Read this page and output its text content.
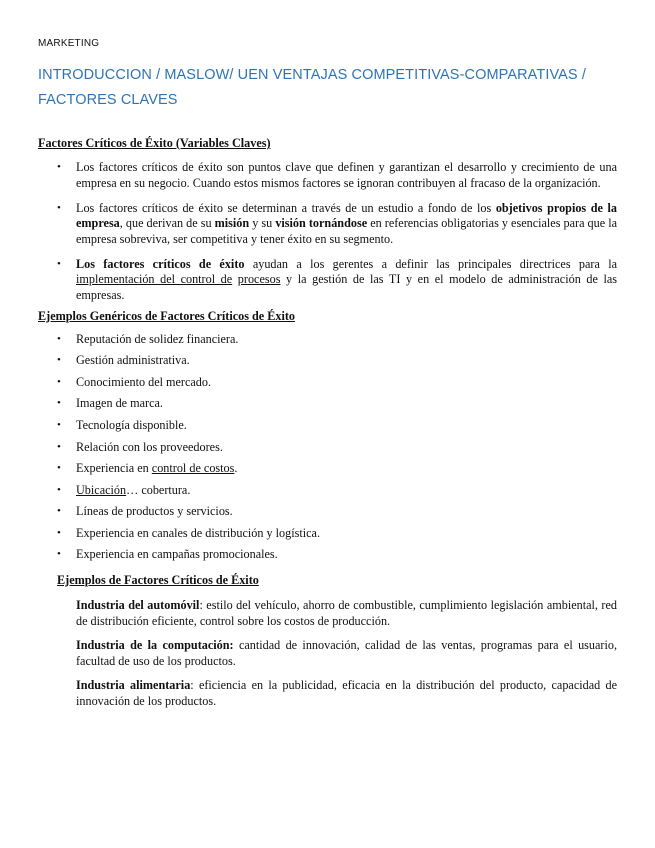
MARKETING
INTRODUCCION / MASLOW/ UEN VENTAJAS COMPETITIVAS-COMPARATIVAS / FACTORES CLAVES
Factores Críticos de Éxito (Variables Claves)
• Los factores críticos de éxito son puntos clave que definen y garantizan el desarrollo y crecimiento de una empresa en su negocio. Cuando estos mismos factores se ignoran contribuyen al fracaso de la organización.
• Los factores críticos de éxito se determinan a través de un estudio a fondo de los objetivos propios de la empresa, que derivan de su misión y su visión tornándose en referencias obligatorias y esenciales para que la empresa sobreviva, ser competitiva y tener éxito en su segmento.
• Los factores críticos de éxito ayudan a los gerentes a definir las principales directrices para la implementación del control de procesos y la gestión de las TI y en el modelo de administración de las empresas.
Ejemplos Genéricos de Factores Críticos de Éxito
• Reputación de solidez financiera.
• Gestión administrativa.
• Conocimiento del mercado.
• Imagen de marca.
• Tecnología disponible.
• Relación con los proveedores.
• Experiencia en control de costos.
• Ubicación… cobertura.
• Líneas de productos y servicios.
• Experiencia en canales de distribución y logística.
• Experiencia en campañas promocionales.
Ejemplos de Factores Críticos de Éxito

Industria del automóvil: estilo del vehículo, ahorro de combustible, cumplimiento legislación ambiental, red de distribución eficiente, control sobre los costos de producción.

Industria de la computación: cantidad de innovación, calidad de las ventas, programas para el usuario, facultad de uso de los productos.

Industria alimentaria: eficiencia en la publicidad, eficacia en la distribución del producto, capacidad de innovación de los productos.
